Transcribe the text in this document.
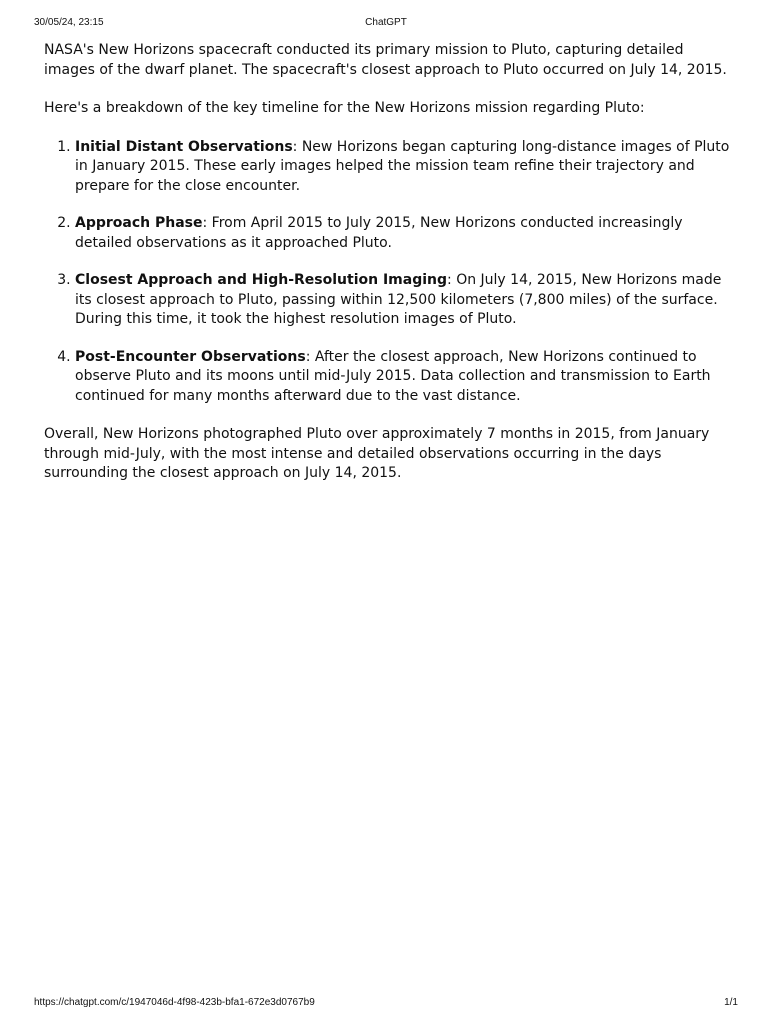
30/05/24, 23:15	ChatGPT

NASA's New Horizons spacecraft conducted its primary mission to Pluto, capturing detailed images of the dwarf planet. The spacecraft's closest approach to Pluto occurred on July 14, 2015.

Here's a breakdown of the key timeline for the New Horizons mission regarding Pluto:

1. Initial Distant Observations: New Horizons began capturing long-distance images of Pluto in January 2015. These early images helped the mission team refine their trajectory and prepare for the close encounter.
2. Approach Phase: From April 2015 to July 2015, New Horizons conducted increasingly detailed observations as it approached Pluto.
3. Closest Approach and High-Resolution Imaging: On July 14, 2015, New Horizons made its closest approach to Pluto, passing within 12,500 kilometers (7,800 miles) of the surface. During this time, it took the highest resolution images of Pluto.
4. Post-Encounter Observations: After the closest approach, New Horizons continued to observe Pluto and its moons until mid-July 2015. Data collection and transmission to Earth continued for many months afterward due to the vast distance.

Overall, New Horizons photographed Pluto over approximately 7 months in 2015, from January through mid-July, with the most intense and detailed observations occurring in the days surrounding the closest approach on July 14, 2015.

https://chatgpt.com/c/1947046d-4f98-423b-bfa1-672e3d0767b9	1/1
